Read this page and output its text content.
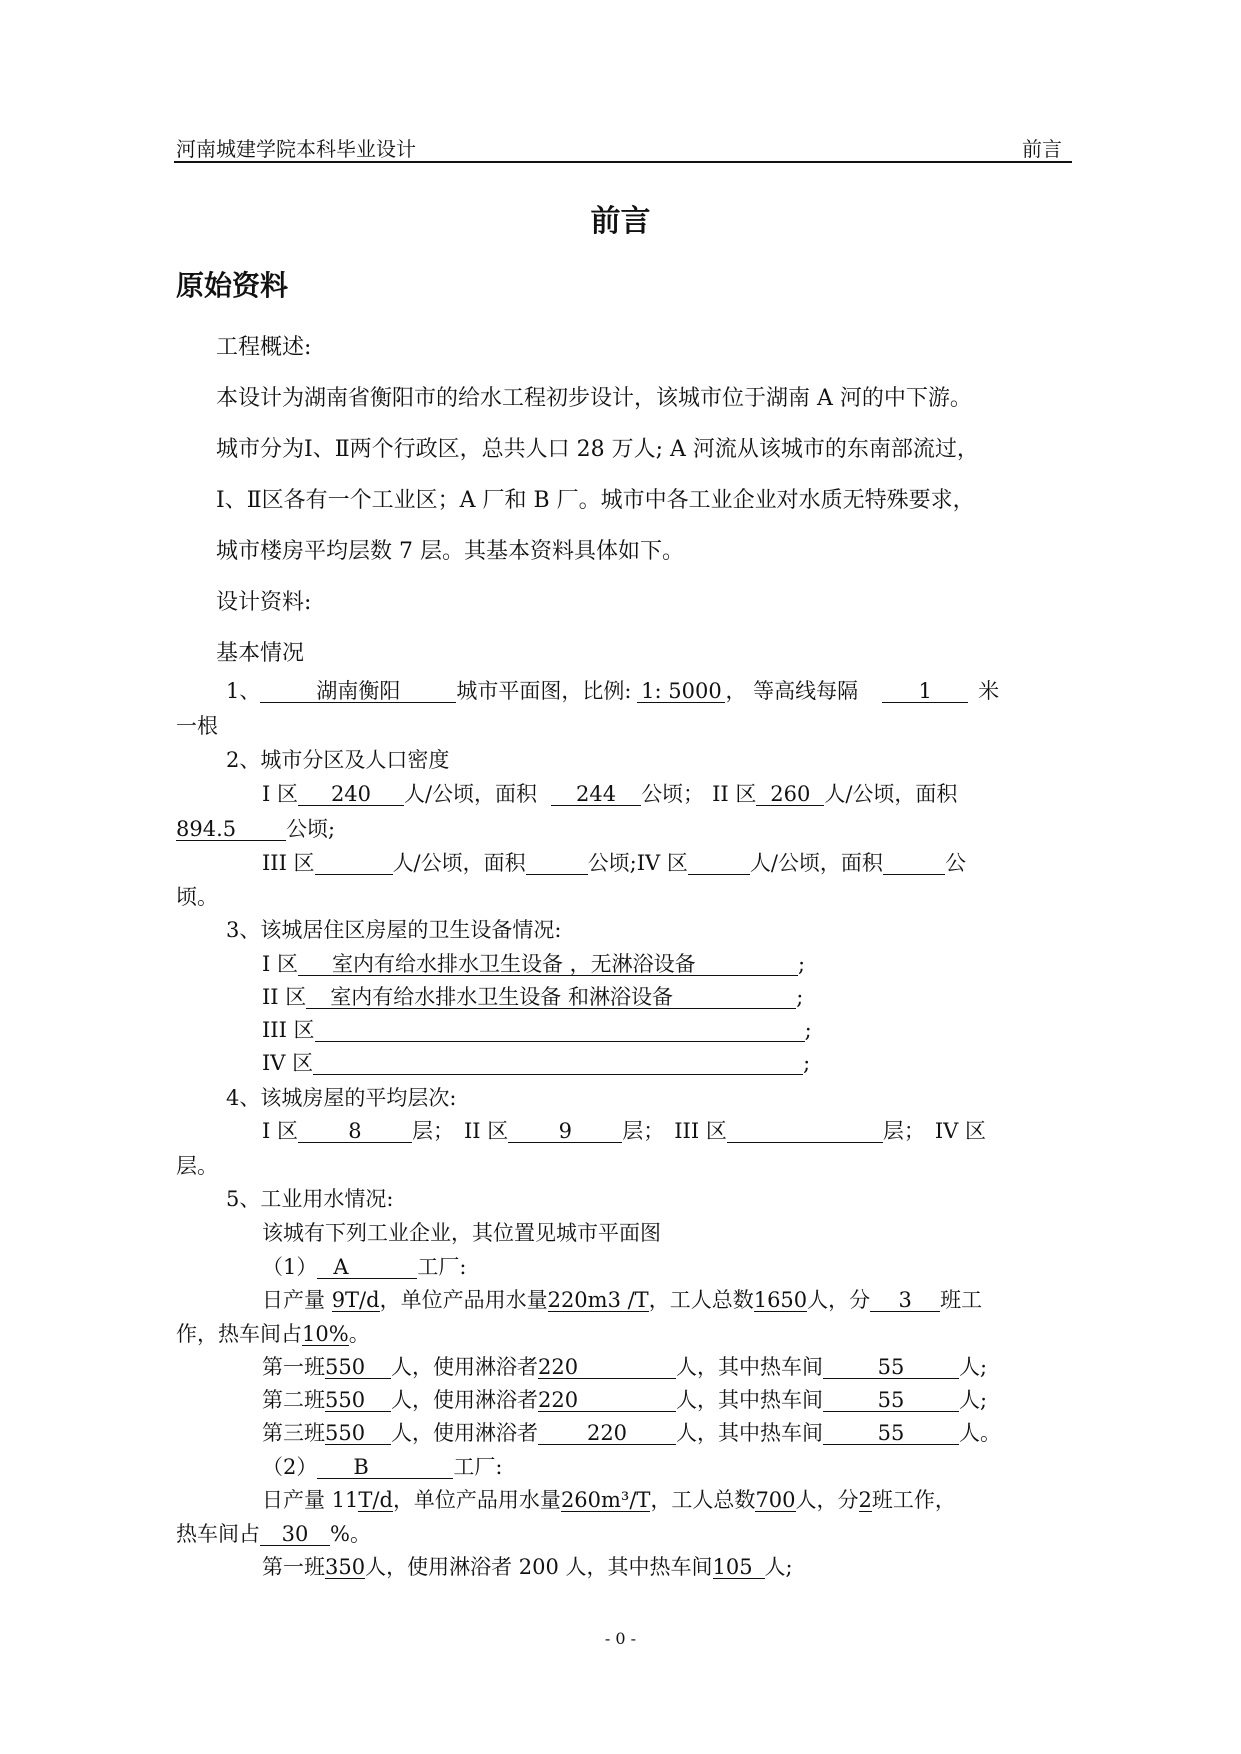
河南城建学院本科毕业设计	前言
前言
原始资料
工程概述:
本设计为湖南省衡阳市的给水工程初步设计，该城市位于湖南 A 河的中下游。
城市分为Ⅰ、Ⅱ两个行政区，总共人口 28 万人; A 河流从该城市的东南部流过，
Ⅰ、Ⅱ区各有一个工业区；A 厂和 B 厂。城市中各工业企业对水质无特殊要求，
城市楼房平均层数 7 层。其基本资料具体如下。
设计资料:
基本情况
1、	湖南衡阳	城市平面图，比例: 1: 5000 ， 等高线每隔	1 米
一根
2、城市分区及人口密度
I 区 240 人/公顷，面积 244 公顷； II 区 260 人/公顷，面积
894.5 公顷;
III 区	人/公顷，面积	公顷;IV 区	人/公顷，面积	公
顷。
3、该城居住区房屋的卫生设备情况:
I 区 室内有给水排水卫生设备 ，无淋浴设备	;
II 区 室内有给水排水卫生设备 和淋浴设备	;
III 区	;
IV 区	;
4、该城房屋的平均层次:
I 区 8 层； II 区 9 层； III 区	层； IV 区
层。
5、工业用水情况:
该城有下列工业企业，其位置见城市平面图
（1） A	工厂:
日产量 9T/d，单位产品用水量220m3 /T，工人总数1650人，分 3 班工
作，热车间占10%。
第一班550 人，使用淋浴者220	人，其中热车间	55	人;
第二班550 人，使用淋浴者220	人，其中热车间	55	人;
第三班550 人，使用淋浴者 220 人，其中热车间	55	人。
（2） B	工厂:
日产量 11T/d，单位产品用水量260m³/T，工人总数700人，分2班工作，
热车间占 30 %。
第一班350人，使用淋浴者 200 人，其中热车间105 人;
- 0 -
